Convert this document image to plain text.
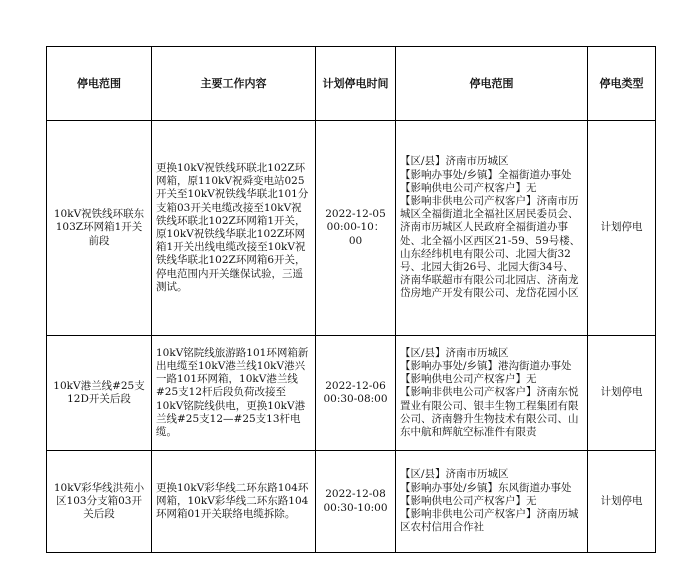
停电范围	主要工作内容	计划停电时间	停电范围	停电类型
10kV祝铁线环联东103Z环网箱1开关前段	更换10kV祝铁线环联北102Z环网箱，原110kV祝舜变电站025开关至10kV祝铁线华联北101分支箱03开关电缆改接至10kV祝铁线环联北102Z环网箱1开关，原10kV祝铁线华联北102Z环网箱1开关出线电缆改接至10kV祝铁线华联北102Z环网箱6开关，停电范围内开关继保试验，三遥测试。	2022-12-05
00:00-10：00	【区/县】济南市历城区
【影响办事处/乡镇】全福街道办事处
【影响供电公司产权客户】无
【影响非供电公司产权客户】济南市历城区全福街道北全福社区居民委员会、济南市历城区人民政府全福街道办事处、北全福小区西区21-59、59号楼、山东经纬机电有限公司、北园大街32号、北园大街26号、北园大街34号、济南华联超市有限公司北园店、济南龙岱房地产开发有限公司、龙岱花园小区	计划停电
10kV港兰线#25支12D开关后段	10kV铭院线旅游路101环网箱新出电缆至10kV港兰线10kV港兴一路101环网箱，10kV港兰线#25支12杆后段负荷改接至10kV铭院线供电，更换10kV港兰线#25支12—#25支13杆电缆。	2022-12-06
00:30-08:00	【区/县】济南市历城区
【影响办事处/乡镇】港沟街道办事处
【影响供电公司产权客户】无
【影响非供电公司产权客户】济南东悦置业有限公司、银丰生物工程集团有限公司、济南磐升生物技术有限公司、山东中航和辉航空标准件有限责	计划停电
10kV彩华线洪苑小区103分支箱03开关后段	更换10kV彩华线二环东路104环网箱，10kV彩华线二环东路104环网箱01开关联络电缆拆除。	2022-12-08
00:30-10:00	【区/县】济南市历城区
【影响办事处/乡镇】东风街道办事处
【影响供电公司产权客户】无
【影响非供电公司产权客户】济南历城区农村信用合作社	计划停电
